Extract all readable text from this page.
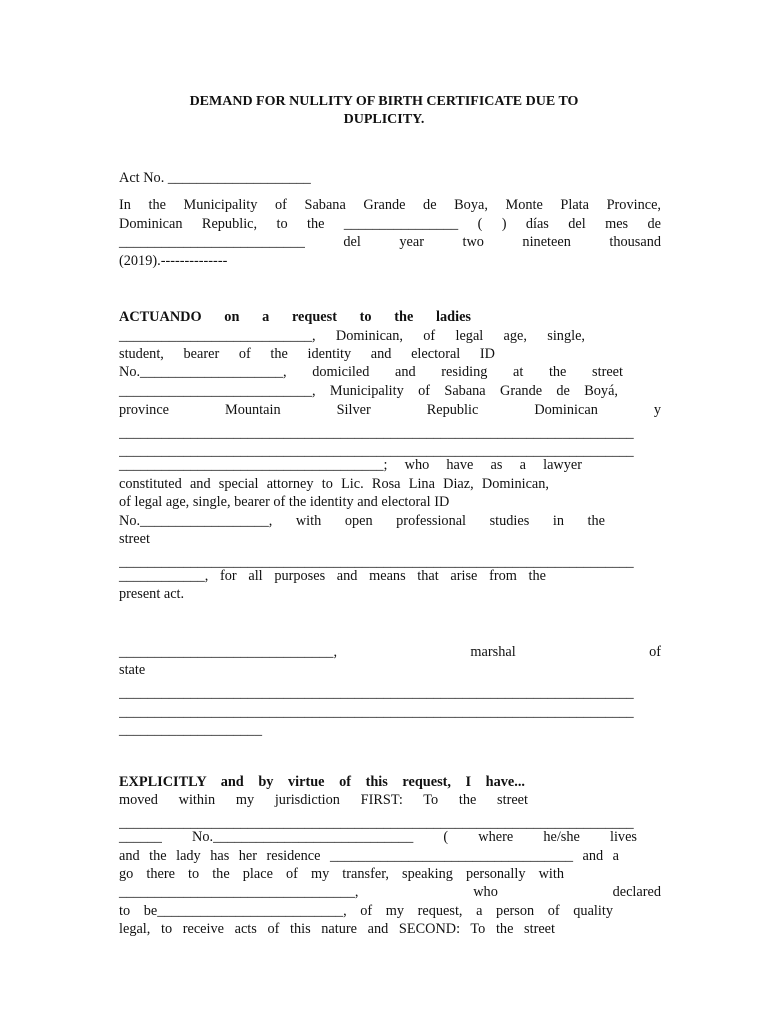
DEMAND FOR NULLITY OF BIRTH CERTIFICATE DUE TO
DUPLICITY.
Act No. ____________________
In the Municipality of Sabana Grande de Boya, Monte Plata Province,
Dominican Republic, to the ________________ ( ) días del mes de
__________________________ del year two nineteen thousand
(2019).--------------
ACTUANDO on a request to the ladies
___________________________, Dominican, of legal age, single,
student, bearer of the identity and electoral ID
No.____________________, domiciled and residing at the street
___________________________, Municipality of Sabana Grande de Boyá,
province Mountain Silver Republic Dominican y
________________________________________________________________________
________________________________________________________________________
_____________________________________; who have as a lawyer
constituted and special attorney to Lic. Rosa Lina Diaz, Dominican,
of legal age, single, bearer of the identity and electoral ID
No.__________________, with open professional studies in the
street
________________________________________________________________________
____________, for all purposes and means that arise from the
present act.
______________________________, marshal of
state
________________________________________________________________________
________________________________________________________________________
____________________
EXPLICITLY and by virtue of this request, I have...
moved within my jurisdiction FIRST: To the street
________________________________________________________________________
______ No.____________________________ ( where he/she lives
and the lady has her residence __________________________________ and a
go there to the place of my transfer, speaking personally with
_________________________________, who declared
to be__________________________, of my request, a person of quality
legal, to receive acts of this nature and SECOND: To the street
